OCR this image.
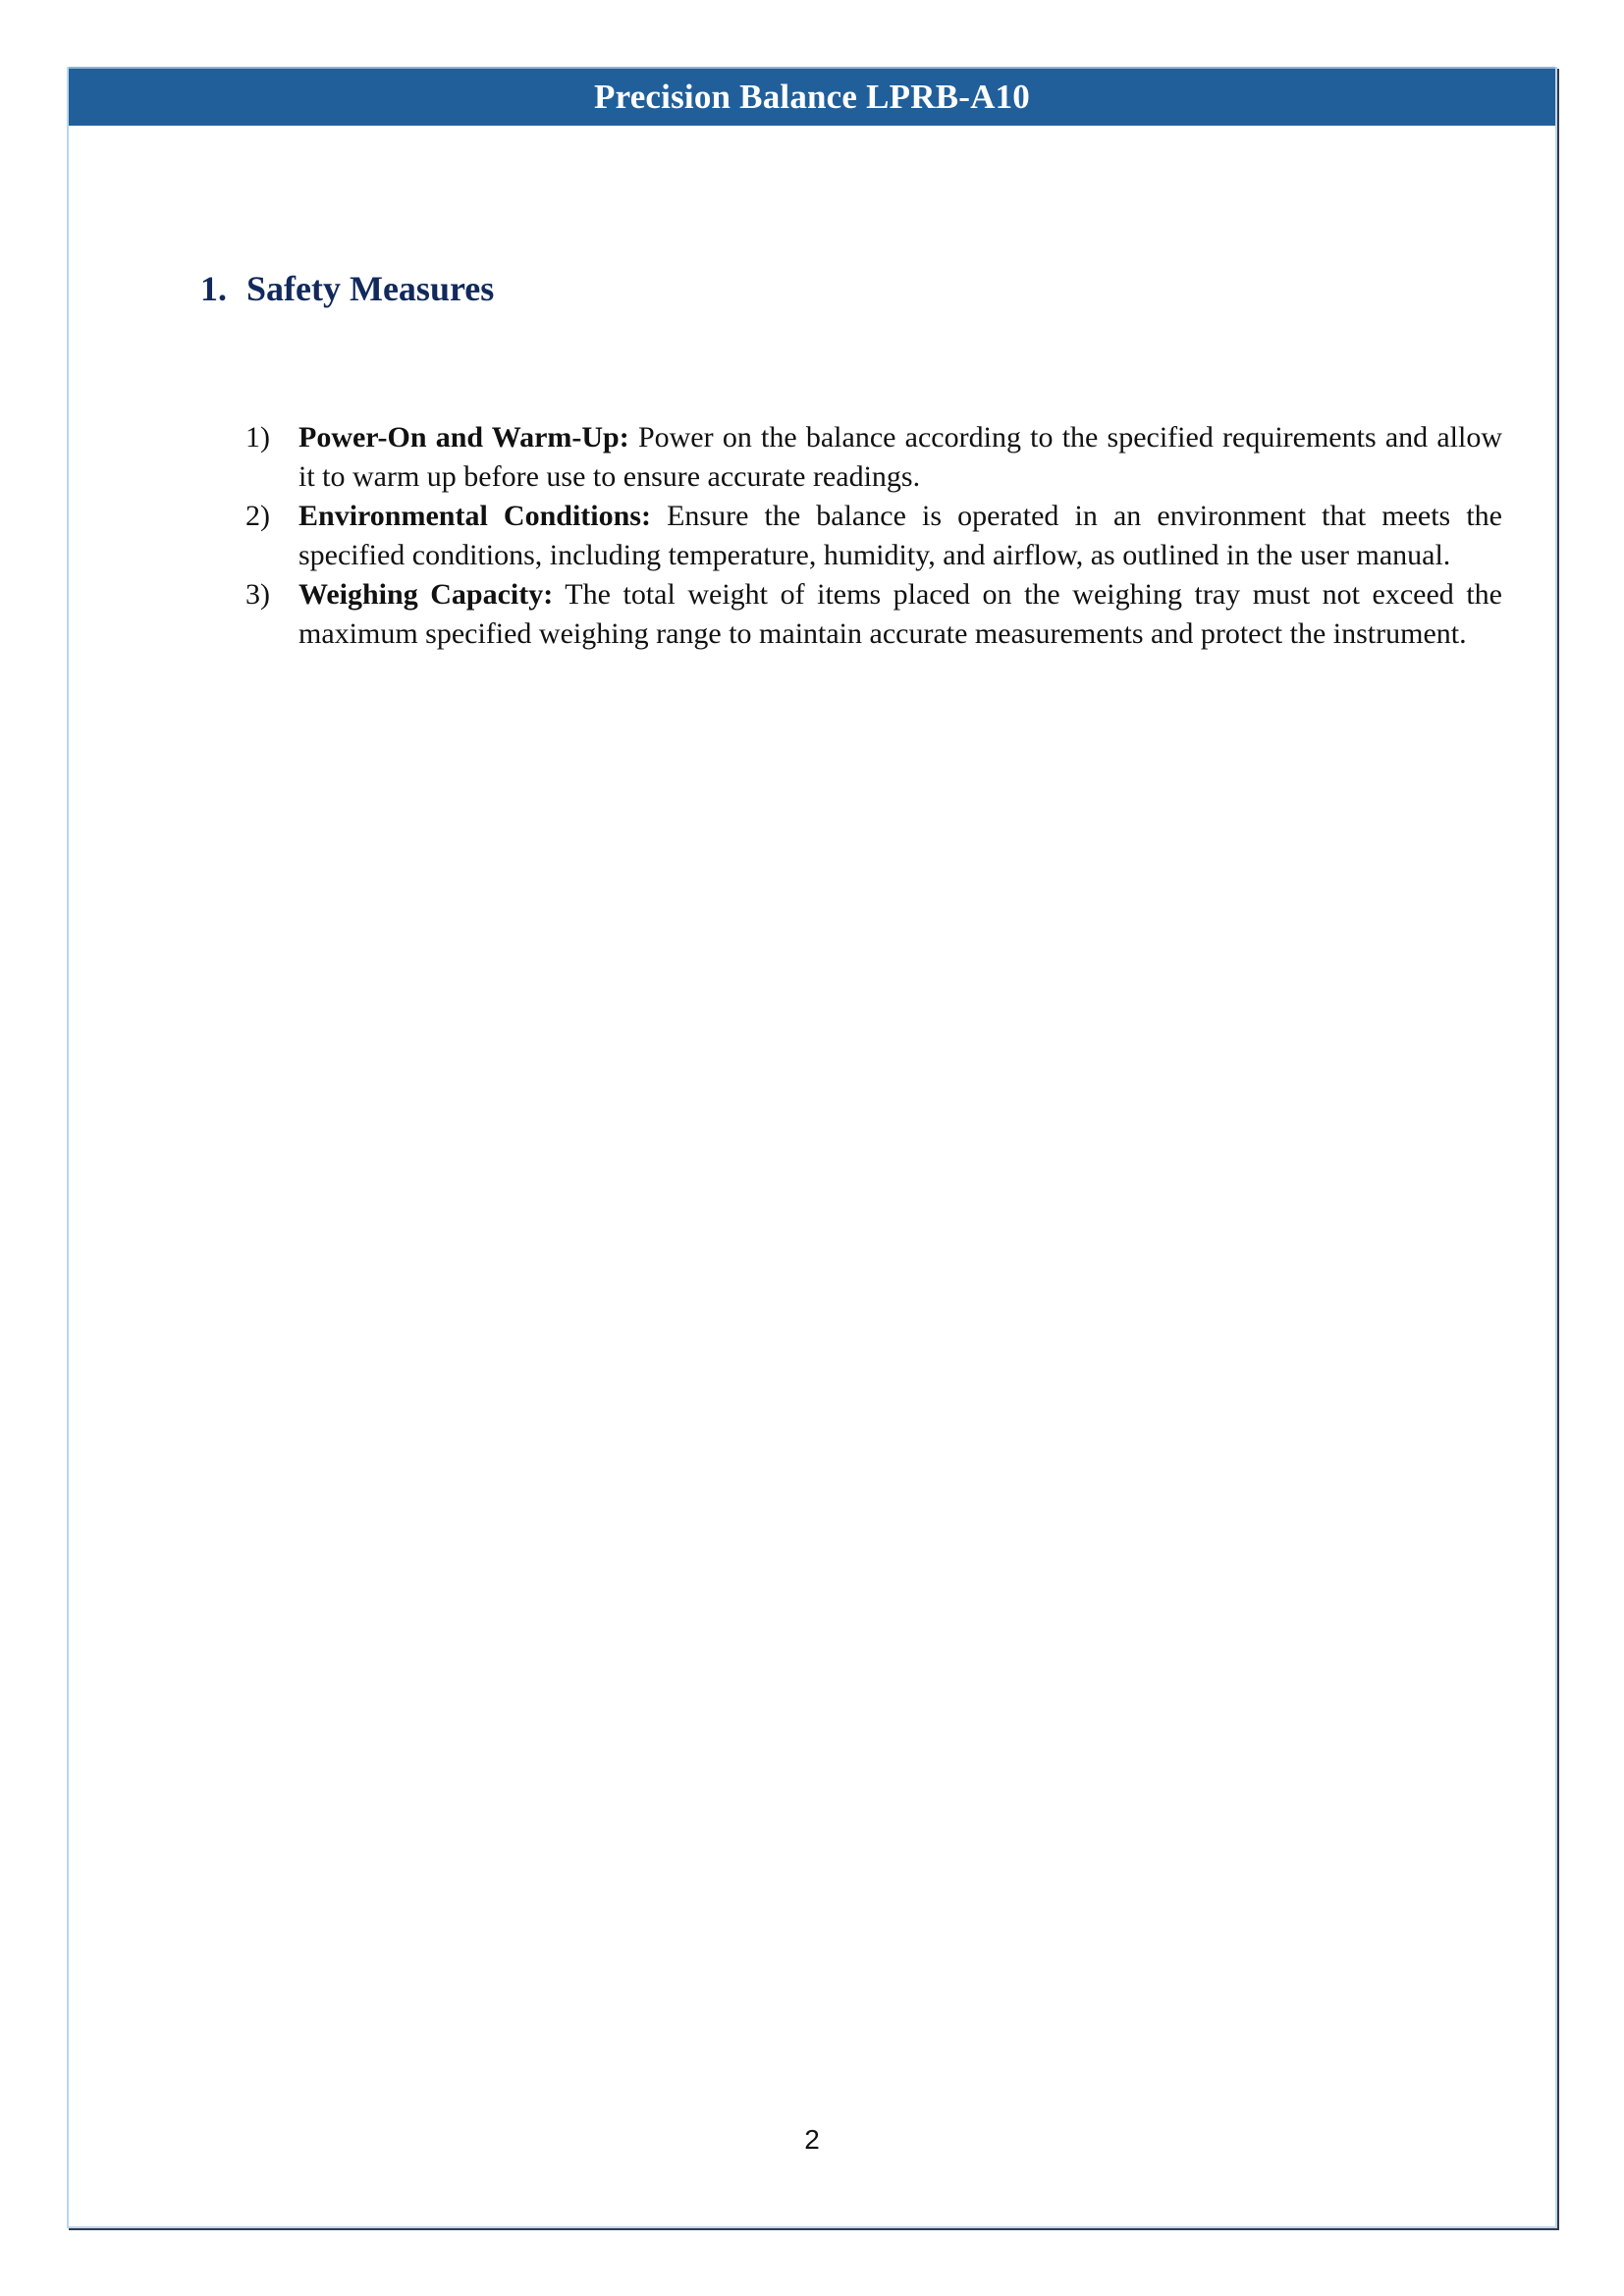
Precision Balance LPRB-A10
1. Safety Measures
1) Power-On and Warm-Up: Power on the balance according to the specified requirements and allow it to warm up before use to ensure accurate readings.
2) Environmental Conditions: Ensure the balance is operated in an environment that meets the specified conditions, including temperature, humidity, and airflow, as outlined in the user manual.
3) Weighing Capacity: The total weight of items placed on the weighing tray must not exceed the maximum specified weighing range to maintain accurate measurements and protect the instrument.
2
